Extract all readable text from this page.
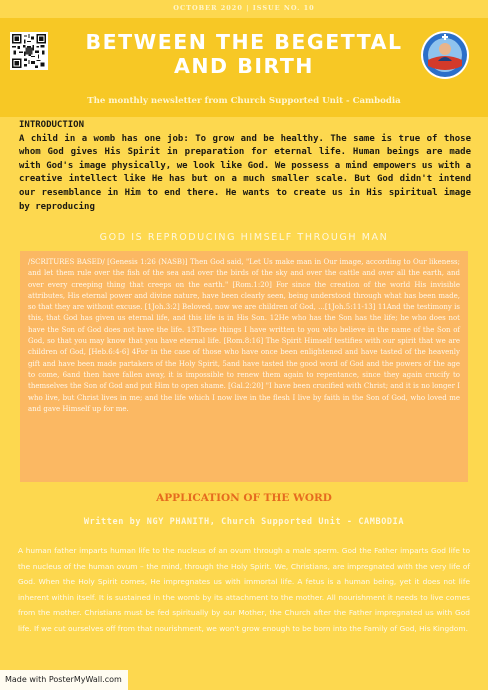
OCTOBER 2020 | ISSUE NO. 10
BETWEEN THE BEGETTAL AND BIRTH
The monthly newsletter from Church Supported Unit - Cambodia
INTRODUCTION

A child in a womb has one job: To grow and be healthy. The same is true of those whom God gives His Spirit in preparation for eternal life. Human beings are made with God's image physically, we look like God. We possess a mind empowers us with a creative intellect like He has but on a much smaller scale. But God didn't intend our resemblance in Him to end there. He wants to create us in His spiritual image by reproducing

GOD IS REPRODUCING HIMSELF THROUGH MAN

/SCRITURES BASED/ [Genesis 1:26 (NASB)] Then God said, "Let Us make man in Our image, according to Our likeness; and let them rule over the fish of the sea and over the birds of the sky and over the cattle and over all the earth, and over every creeping thing that creeps on the earth." [Rom.1:20] For since the creation of the world His invisible attributes, His eternal power and divine nature, have been clearly seen, being understood through what has been made, so that they are without excuse. [1Joh.3:2] Beloved, now we are children of God, ...[1Joh.5:11-13] 11And the testimony is this, that God has given us eternal life, and this life is in His Son. 12He who has the Son has the life; he who does not have the Son of God does not have the life. 13These things I have written to you who believe in the name of the Son of God, so that you may know that you have eternal life. [Rom.8:16] The Spirit Himself testifies with our spirit that we are children of God, [Heb.6:4-6] 4For in the case of those who have once been enlightened and have tasted of the heavenly gift and have been made partakers of the Holy Spirit, 5and have tasted the good word of God and the powers of the age to come, 6and then have fallen away, it is impossible to renew them again to repentance, since they again crucify to themselves the Son of God and put Him to open shame. [Gal.2:20] "I have been crucified with Christ; and it is no longer I who live, but Christ lives in me; and the life which I now live in the flesh I live by faith in the Son of God, who loved me and gave Himself up for me.

APPLICATION OF THE WORD
Written by NGY PHANITH, Church Supported Unit - CAMBODIA

A human father imparts human life to the nucleus of an ovum through a male sperm. God the Father imparts God life to the nucleus of the human ovum – the mind, through the Holy Spirit. We, Christians, are impregnated with the very life of God. When the Holy Spirit comes, He impregnates us with immortal life. A fetus is a human being, yet it does not life inherent within itself. It is sustained in the womb by its attachment to the mother. All nourishment it needs to live comes from the mother. Christians must be fed spiritually by our Mother, the Church after the Father impregnated us with God life. If we cut ourselves off from that nourishment, we won't grow enough to be born into the Family of God, His Kingdom.

Made with PosterMyWall.com
